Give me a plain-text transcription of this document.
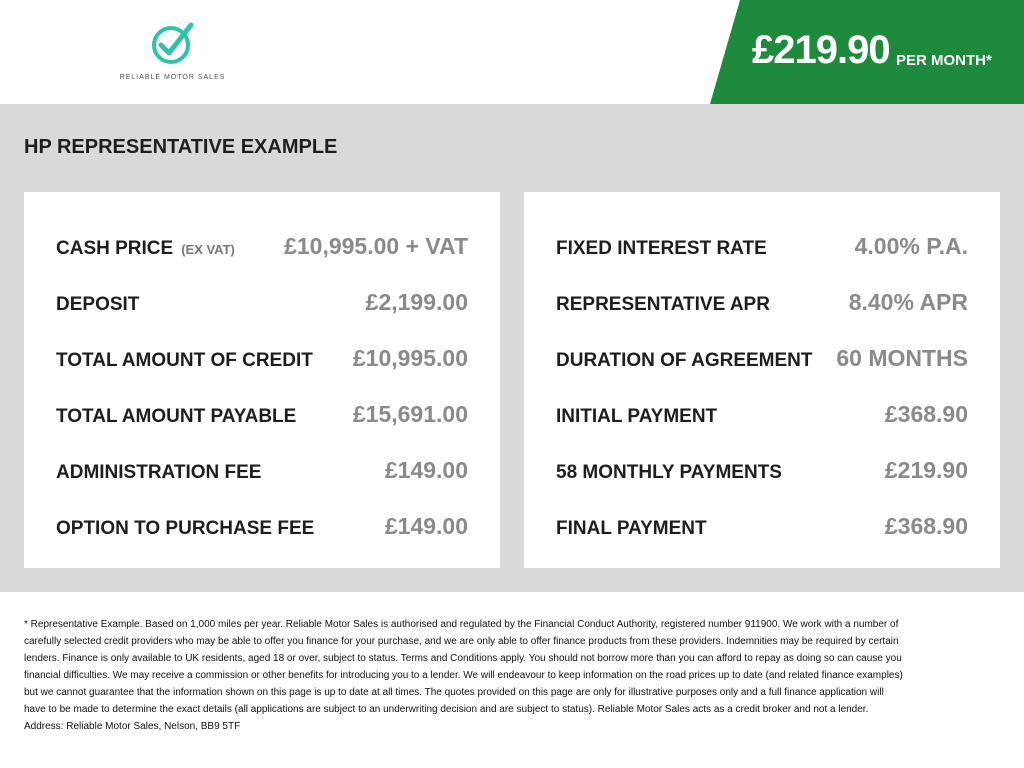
RELIABLE MOTOR SALES
£219.90 PER MONTH*
HP REPRESENTATIVE EXAMPLE
CASH PRICE (EX VAT) £10,995.00 + VAT
DEPOSIT	£2,199.00
TOTAL AMOUNT OF CREDIT £10,995.00
TOTAL AMOUNT PAYABLE £15,691.00
ADMINISTRATION FEE	£149.00
OPTION TO PURCHASE FEE	£149.00
FIXED INTEREST RATE	4.00% P.A.
REPRESENTATIVE APR	8.40% APR
DURATION OF AGREEMENT 60 MONTHS
INITIAL PAYMENT	£368.90
58 MONTHLY PAYMENTS	£219.90
FINAL PAYMENT	£368.90
* Representative Example. Based on 1,000 miles per year. Reliable Motor Sales is authorised and regulated by the Financial Conduct Authority, registered number 911900. We work with a number of carefully selected credit providers who may be able to offer you finance for your purchase, and we are only able to offer finance products from these providers. Indemnities may be required by certain lenders. Finance is only available to UK residents, aged 18 or over, subject to status. Terms and Conditions apply. You should not borrow more than you can afford to repay as doing so can cause you financial difficulties. We may receive a commission or other benefits for introducing you to a lender. We will endeavour to keep information on the road prices up to date (and related finance examples) but we cannot guarantee that the information shown on this page is up to date at all times. The quotes provided on this page are only for illustrative purposes only and a full finance application will have to be made to determine the exact details (all applications are subject to an underwriting decision and are subject to status). Reliable Motor Sales acts as a credit broker and not a lender. Address: Reliable Motor Sales, Nelson, BB9 5TF
